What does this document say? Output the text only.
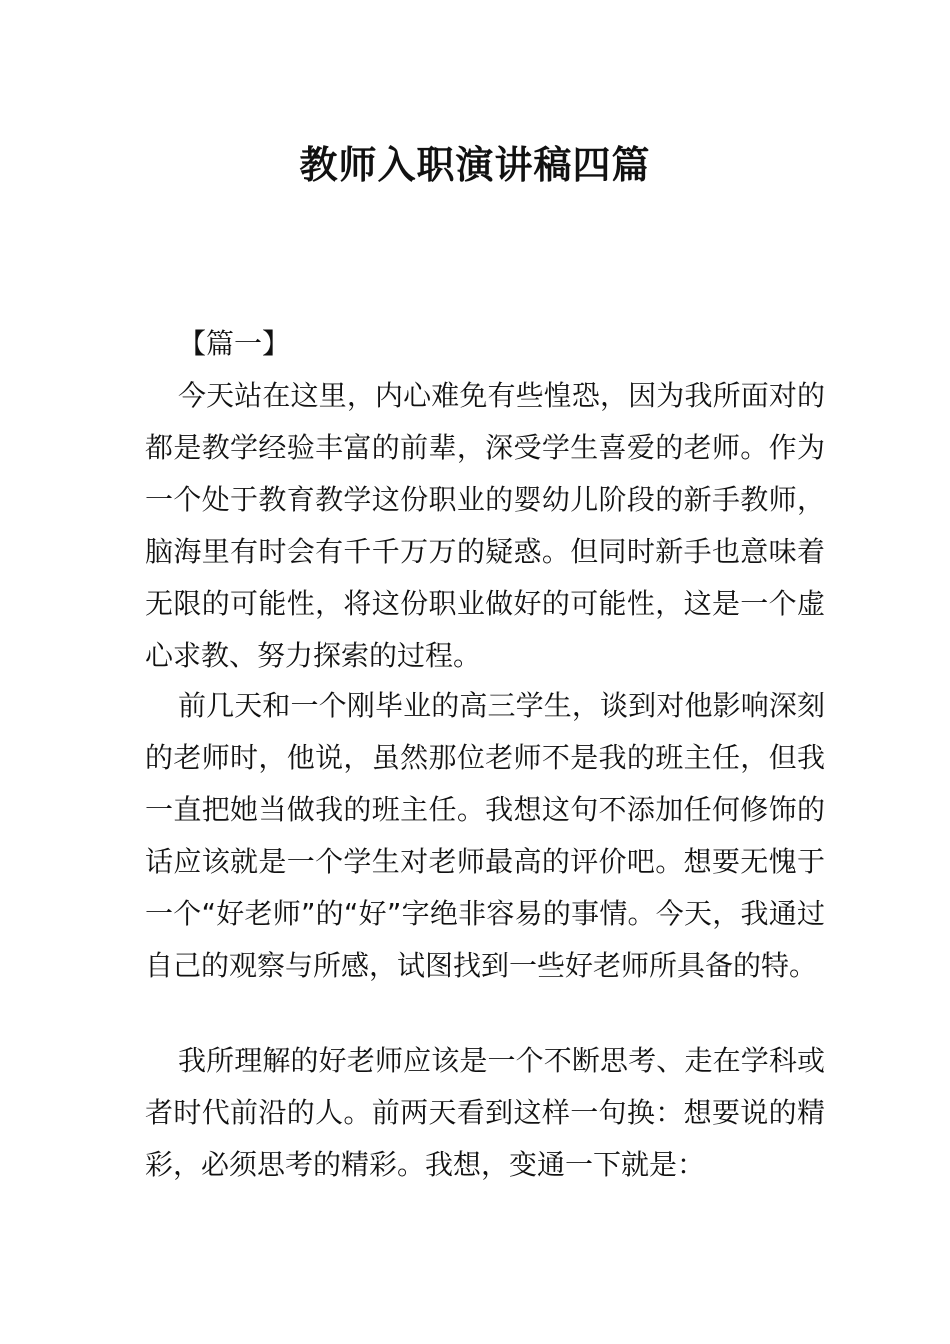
教师入职演讲稿四篇

【篇一】

今天站在这里，内心难免有些惶恐，因为我所面对的都是教学经验丰富的前辈，深受学生喜爱的老师。作为一个处于教育教学这份职业的婴幼儿阶段的新手教师，脑海里有时会有千千万万的疑惑。但同时新手也意味着无限的可能性，将这份职业做好的可能性，这是一个虚心求教、努力探索的过程。

前几天和一个刚毕业的高三学生，谈到对他影响深刻的老师时，他说，虽然那位老师不是我的班主任，但我一直把她当做我的班主任。我想这句不添加任何修饰的话应该就是一个学生对老师最高的评价吧。想要无愧于一个“好老师”的“好”字绝非容易的事情。今天，我通过自己的观察与所感，试图找到一些好老师所具备的特。

我所理解的好老师应该是一个不断思考、走在学科或者时代前沿的人。前两天看到这样一句换：想要说的精彩，必须思考的精彩。我想，变通一下就是：
